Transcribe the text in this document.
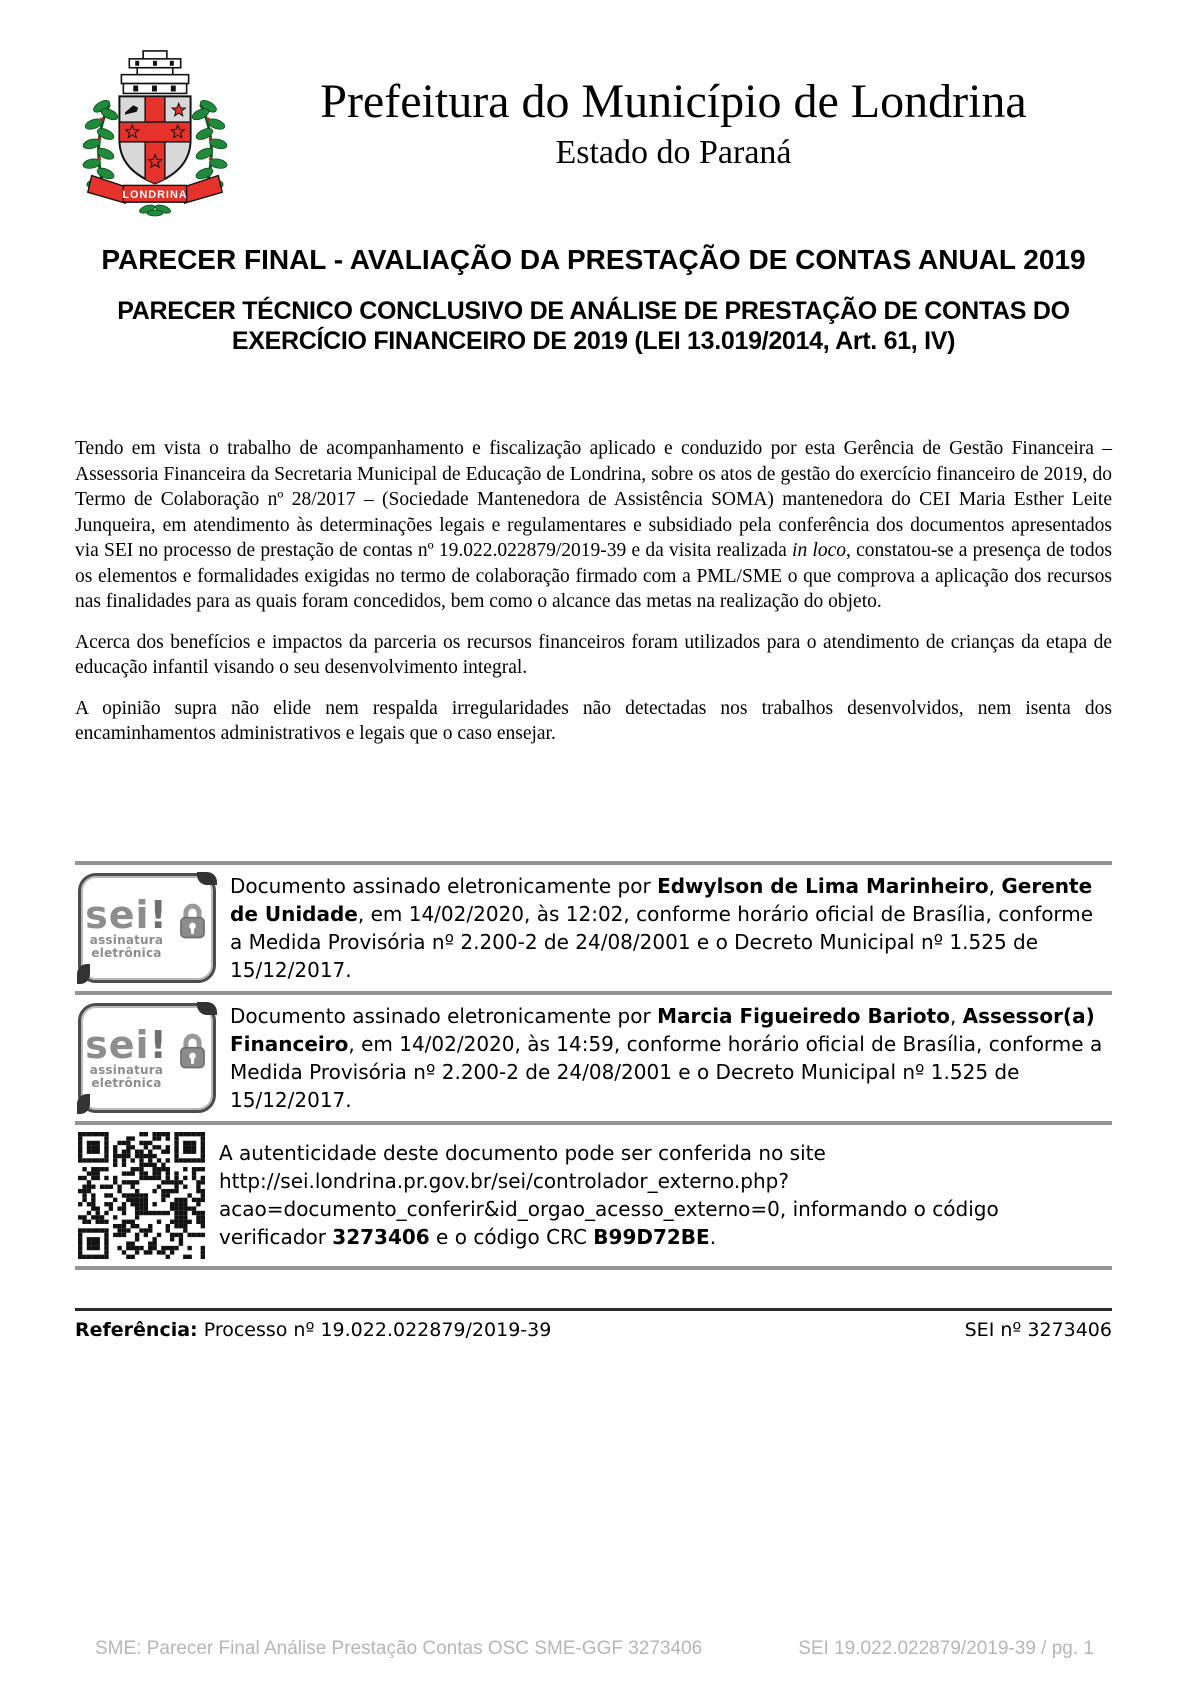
LONDRINA
Prefeitura do Município de Londrina
Estado do Paraná
PARECER FINAL - AVALIAÇÃO DA PRESTAÇÃO DE CONTAS ANUAL 2019
PARECER TÉCNICO CONCLUSIVO DE ANÁLISE DE PRESTAÇÃO DE CONTAS DO
EXERCÍCIO FINANCEIRO DE 2019 (LEI 13.019/2014, Art. 61, IV)

Tendo em vista o trabalho de acompanhamento e fiscalização aplicado e conduzido por esta Gerência de Gestão Financeira – Assessoria Financeira da Secretaria Municipal de Educação de Londrina, sobre os atos de gestão do exercício financeiro de 2019, do Termo de Colaboração nº 28/2017 – (Sociedade Mantenedora de Assistência SOMA) mantenedora do CEI Maria Esther Leite Junqueira, em atendimento às determinações legais e regulamentares e subsidiado pela conferência dos documentos apresentados via SEI no processo de prestação de contas nº 19.022.022879/2019-39 e da visita realizada in loco, constatou-se a presença de todos os elementos e formalidades exigidas no termo de colaboração firmado com a PML/SME o que comprova a aplicação dos recursos nas finalidades para as quais foram concedidos, bem como o alcance das metas na realização do objeto.

Acerca dos benefícios e impactos da parceria os recursos financeiros foram utilizados para o atendimento de crianças da etapa de educação infantil visando o seu desenvolvimento integral.

A opinião supra não elide nem respalda irregularidades não detectadas nos trabalhos desenvolvidos, nem isenta dos encaminhamentos administrativos e legais que o caso ensejar.

sei!
assinatura
eletrônica

Documento assinado eletronicamente por Edwylson de Lima Marinheiro, Gerente de Unidade, em 14/02/2020, às 12:02, conforme horário oficial de Brasília, conforme a Medida Provisória nº 2.200-2 de 24/08/2001 e o Decreto Municipal nº 1.525 de 15/12/2017.

sei!
assinatura
eletrônica

Documento assinado eletronicamente por Marcia Figueiredo Barioto, Assessor(a) Financeiro, em 14/02/2020, às 14:59, conforme horário oficial de Brasília, conforme a Medida Provisória nº 2.200-2 de 24/08/2001 e o Decreto Municipal nº 1.525 de 15/12/2017.

A autenticidade deste documento pode ser conferida no site
http://sei.londrina.pr.gov.br/sei/controlador_externo.php?
acao=documento_conferir&id_orgao_acesso_externo=0, informando o código
verificador 3273406 e o código CRC B99D72BE.

Referência: Processo nº 19.022.022879/2019-39	SEI nº 3273406
SME: Parecer Final Análise Prestação Contas OSC SME-GGF 3273406	SEI 19.022.022879/2019-39 / pg. 1
